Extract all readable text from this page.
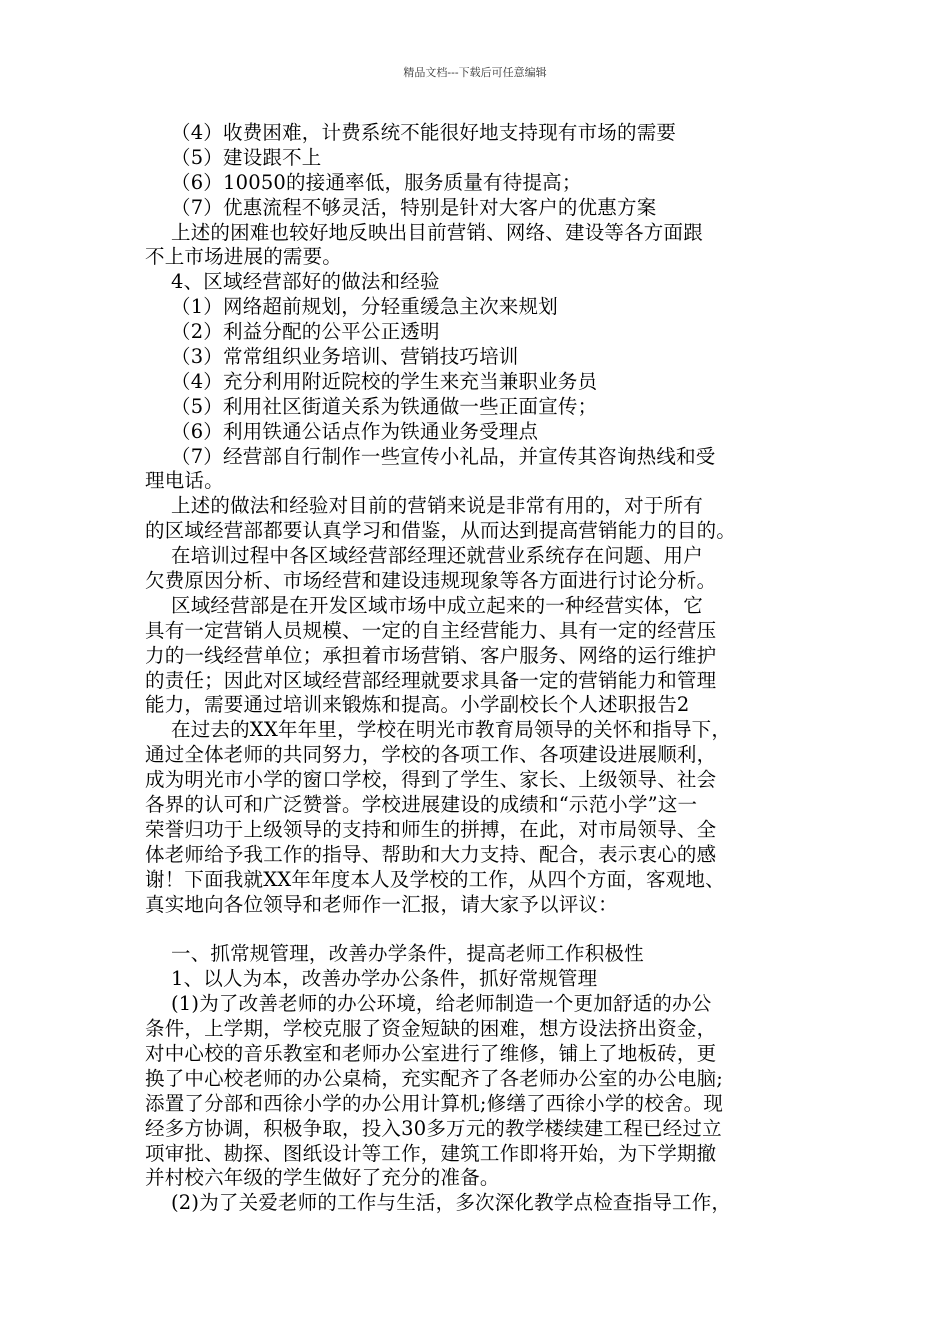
精品文档---下载后可任意编辑
（4）收费困难，计费系统不能很好地支持现有市场的需要
（5）建设跟不上
（6）10050的接通率低，服务质量有待提高；
（7）优惠流程不够灵活，特别是针对大客户的优惠方案
上述的困难也较好地反映出目前营销、网络、建设等各方面跟
不上市场进展的需要。
4、区域经营部好的做法和经验
（1）网络超前规划，分轻重缓急主次来规划
（2）利益分配的公平公正透明
（3）常常组织业务培训、营销技巧培训
（4）充分利用附近院校的学生来充当兼职业务员
（5）利用社区街道关系为铁通做一些正面宣传；
（6）利用铁通公话点作为铁通业务受理点
（7）经营部自行制作一些宣传小礼品，并宣传其咨询热线和受
理电话。
上述的做法和经验对目前的营销来说是非常有用的，对于所有
的区域经营部都要认真学习和借鉴，从而达到提高营销能力的目的。
在培训过程中各区域经营部经理还就营业系统存在问题、用户
欠费原因分析、市场经营和建设违规现象等各方面进行讨论分析。
区域经营部是在开发区域市场中成立起来的一种经营实体，它
具有一定营销人员规模、一定的自主经营能力、具有一定的经营压
力的一线经营单位；承担着市场营销、客户服务、网络的运行维护
的责任；因此对区域经营部经理就要求具备一定的营销能力和管理
能力，需要通过培训来锻炼和提高。小学副校长个人述职报告2
在过去的XX年年里，学校在明光市教育局领导的关怀和指导下，
通过全体老师的共同努力，学校的各项工作、各项建设进展顺利，
成为明光市小学的窗口学校，得到了学生、家长、上级领导、社会
各界的认可和广泛赞誉。学校进展建设的成绩和“示范小学”这一
荣誉归功于上级领导的支持和师生的拼搏，在此，对市局领导、全
体老师给予我工作的指导、帮助和大力支持、配合，表示衷心的感
谢！下面我就XX年年度本人及学校的工作，从四个方面，客观地、
真实地向各位领导和老师作一汇报，请大家予以评议：
一、抓常规管理，改善办学条件，提高老师工作积极性
1、以人为本，改善办学办公条件，抓好常规管理
(1)为了改善老师的办公环境，给老师制造一个更加舒适的办公
条件，上学期，学校克服了资金短缺的困难，想方设法挤出资金，
对中心校的音乐教室和老师办公室进行了维修，铺上了地板砖，更
换了中心校老师的办公桌椅，充实配齐了各老师办公室的办公电脑;
添置了分部和西徐小学的办公用计算机;修缮了西徐小学的校舍。现
经多方协调，积极争取，投入30多万元的教学楼续建工程已经过立
项审批、勘探、图纸设计等工作，建筑工作即将开始，为下学期撤
并村校六年级的学生做好了充分的准备。
(2)为了关爱老师的工作与生活，多次深化教学点检查指导工作，
